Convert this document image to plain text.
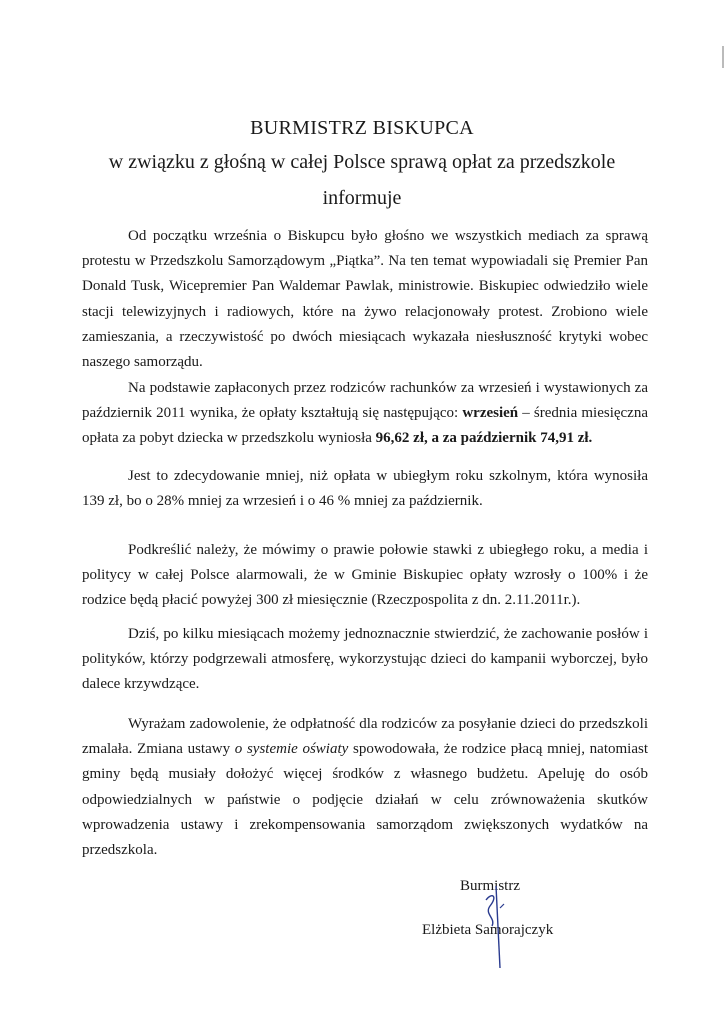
BURMISTRZ BISKUPCA
w związku z głośną w całej Polsce sprawą opłat za przedszkole
informuje

Od początku września o Biskupcu było głośno we wszystkich mediach za sprawą protestu w Przedszkolu Samorządowym „Piątka”. Na ten temat wypowiadali się Premier Pan Donald Tusk, Wicepremier Pan Waldemar Pawlak, ministrowie. Biskupiec odwiedziło wiele stacji telewizyjnych i radiowych, które na żywo relacjonowały protest. Zrobiono wiele zamieszania, a rzeczywistość po dwóch miesiącach wykazała niesłuszność krytyki wobec naszego samorządu.

Na podstawie zapłaconych przez rodziców rachunków za wrzesień i wystawionych za październik 2011 wynika, że opłaty kształtują się następująco: wrzesień – średnia miesięczna opłata za pobyt dziecka w przedszkolu wyniosła 96,62 zł, a za październik 74,91 zł.

Jest to zdecydowanie mniej, niż opłata w ubiegłym roku szkolnym, która wynosiła 139 zł, bo o 28% mniej za wrzesień i o 46 % mniej za październik.

Podkreślić należy, że mówimy o prawie połowie stawki z ubiegłego roku, a media i politycy w całej Polsce alarmowali, że w Gminie Biskupiec opłaty wzrosły o 100% i że rodzice będą płacić powyżej 300 zł miesięcznie (Rzeczpospolita z dn. 2.11.2011r.).

Dziś, po kilku miesiącach możemy jednoznacznie stwierdzić, że zachowanie posłów i polityków, którzy podgrzewali atmosferę, wykorzystując dzieci do kampanii wyborczej, było dalece krzywdzące.

Wyrażam zadowolenie, że odpłatność dla rodziców za posyłanie dzieci do przedszkoli zmalała. Zmiana ustawy o systemie oświaty spowodowała, że rodzice płacą mniej, natomiast gminy będą musiały dołożyć więcej środków z własnego budżetu. Apeluję do osób odpowiedzialnych w państwie o podjęcie działań w celu zrównoważenia skutków wprowadzenia ustawy i zrekompensowania samorządom zwiększonych wydatków na przedszkola.

Burmistrz
Elżbieta Samorajczyk
